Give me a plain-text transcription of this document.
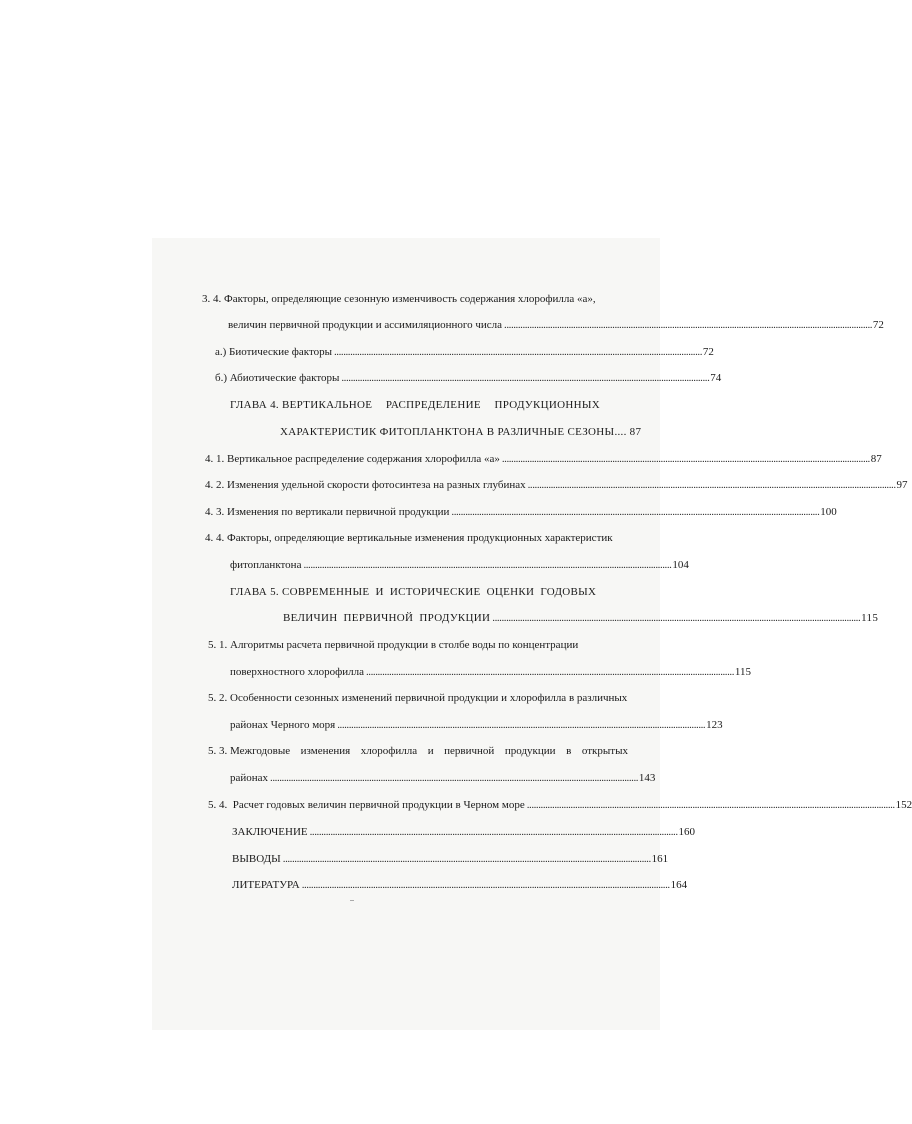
3. 4. Факторы, определяющие сезонную изменчивость содержания хлорофилла «а»,
величин первичной продукции и ассимиляционного числа . . .	72
а.) Биотические факторы . . .	72
б.) Абиотические факторы . . .	74
ГЛАВА 4. ВЕРТИКАЛЬНОЕ РАСПРЕДЕЛЕНИЕ ПРОДУКЦИОННЫХ
ХАРАКТЕРИСТИК ФИТОПЛАНКТОНА В РАЗЛИЧНЫЕ СЕЗОНЫ.... 87
4. 1. Вертикальное распределение содержания хлорофилла «а» . . .	87
4. 2. Изменения удельной скорости фотосинтеза на разных глубинах . . .	97
4. 3. Изменения по вертикали первичной продукции . . .	100
4. 4. Факторы, определяющие вертикальные изменения продукционных характеристик
фитопланктона . . .	104
ГЛАВА 5. СОВРЕМЕННЫЕ  И  ИСТОРИЧЕСКИЕ  ОЦЕНКИ  ГОДОВЫХ
ВЕЛИЧИН  ПЕРВИЧНОЙ  ПРОДУКЦИИ . . .	115
5. 1. Алгоритмы расчета первичной продукции в столбе воды по концентрации
поверхностного хлорофилла . . .	115
5. 2. Особенности сезонных изменений первичной продукции и хлорофилла в различных
районах Черного моря . . .	123
5. 3. Межгодовые изменения хлорофилла и первичной продукции в открытых
районах . . .	143
5. 4.  Расчет годовых величин первичной продукции в Черном море . . .	152
ЗАКЛЮЧЕНИЕ . . .	160
ВЫВОДЫ . . .	161
ЛИТЕРАТУРА . . .	164
